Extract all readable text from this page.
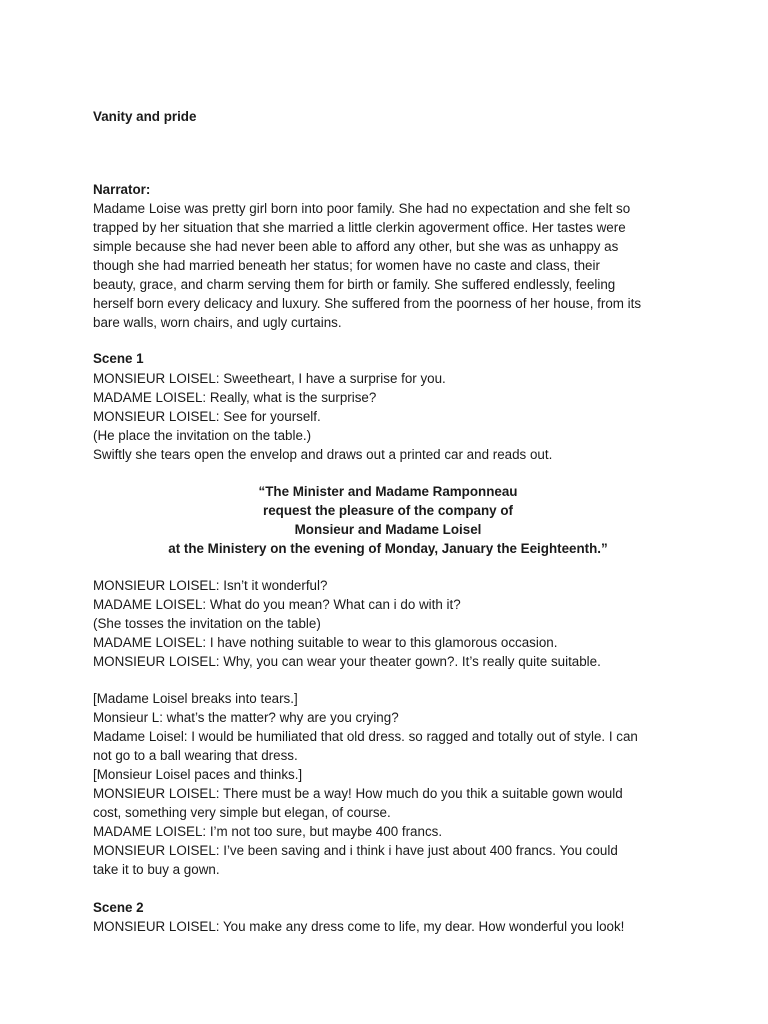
Vanity and pride
Narrator:
Madame Loise was pretty girl born into poor family. She had no expectation and she felt so
trapped by her situation that she married a little clerkin agoverment office. Her tastes were
simple because she had never been able to afford any other, but she was as unhappy as
though she had married beneath her status; for women have no caste and class, their
beauty, grace, and charm serving them for birth or family. She suffered endlessly, feeling
herself born every delicacy and luxury. She suffered from the poorness of her house, from its
bare walls, worn chairs, and ugly curtains.
Scene 1
MONSIEUR LOISEL: Sweetheart, I have a surprise for you.
MADAME LOISEL: Really, what is the surprise?
MONSIEUR LOISEL: See for yourself.
(He place the invitation on the table.)
Swiftly she tears open the envelop and draws out a printed car and reads out.
“The Minister and Madame Ramponneau
request the pleasure of the company of
Monsieur and Madame Loisel
at the Ministery on the evening of Monday, January the Eeighteenth.”
MONSIEUR LOISEL: Isn’t it wonderful?
MADAME LOISEL: What do you mean? What can i do with it?
(She tosses the invitation on the table)
MADAME LOISEL: I have nothing suitable to wear to this glamorous occasion.
MONSIEUR LOISEL: Why, you can wear your theater gown?. It’s really quite suitable.
[Madame Loisel breaks into tears.]
Monsieur L: what’s the matter? why are you crying?
Madame Loisel: I would be humiliated that old dress. so ragged and totally out of style. I can
not go to a ball wearing that dress.
[Monsieur Loisel paces and thinks.]
MONSIEUR LOISEL: There must be a way! How much do you thik a suitable gown would
cost, something very simple but elegan, of course.
MADAME LOISEL: I’m not too sure, but maybe 400 francs.
MONSIEUR LOISEL: I’ve been saving and i think i have just about 400 francs. You could
take it to buy a gown.
Scene 2
MONSIEUR LOISEL: You make any dress come to life, my dear. How wonderful you look!
